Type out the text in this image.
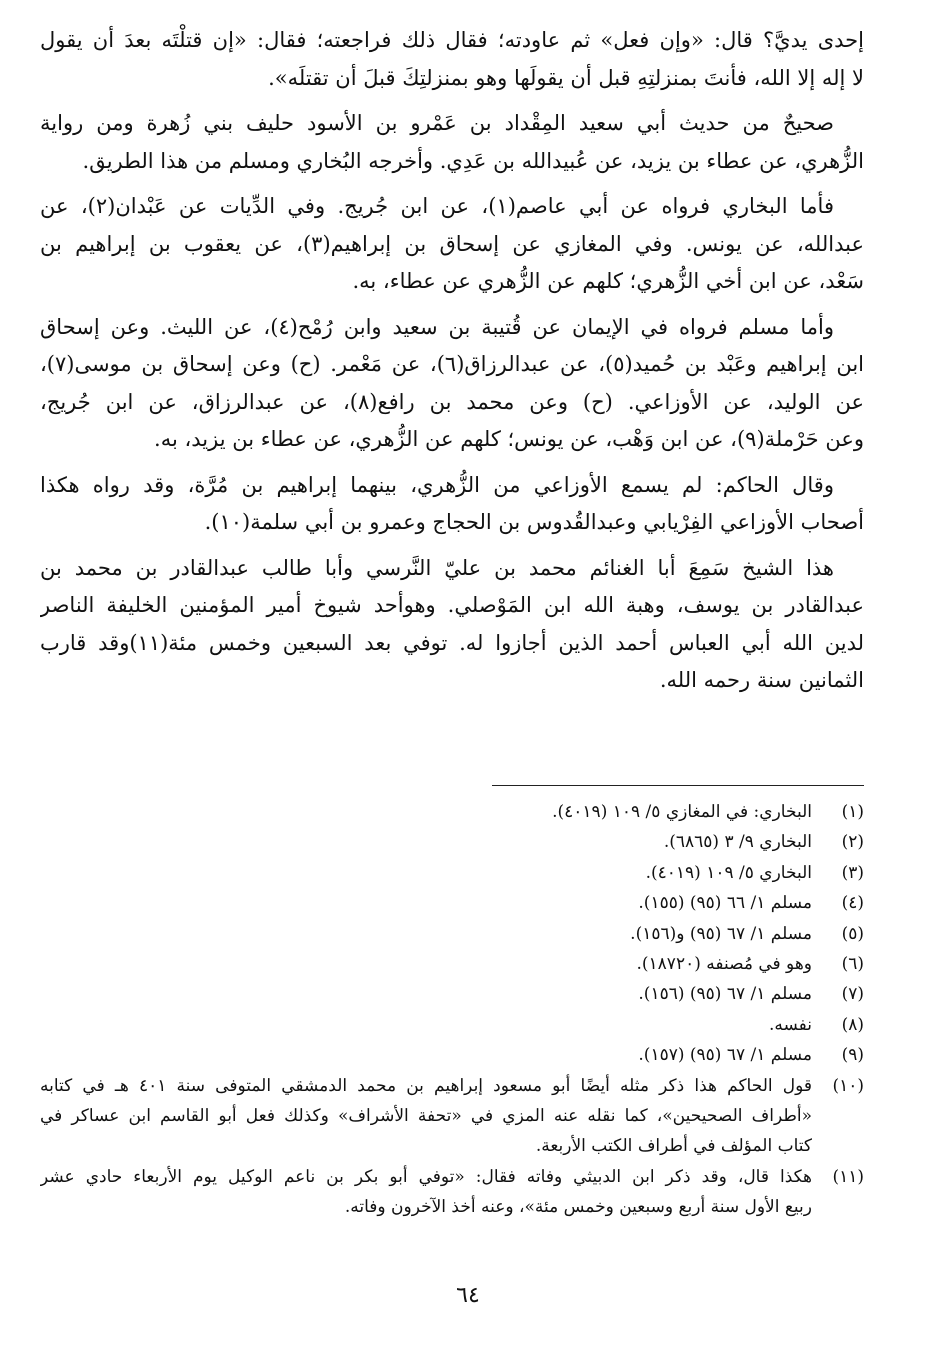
إحدى يديَّ؟ قال: «وإن فعل» ثم عاودته؛ فقال ذلك فراجعته؛ فقال: «إن قتلْتَه بعدَ أن يقول
لا إله إلا الله، فأنتَ بمنزلتِهِ قبل أن يقولَها وهو بمنزلتِكَ قبلَ أن تقتلَه».
صحيحٌ من حديث أبي سعيد المِقْداد بن عَمْرو بن الأسود حليف بني زُهرة ومن رواية
الزُّهري، عن عطاء بن يزيد، عن عُبيدالله بن عَدِي. وأخرجه البُخاري ومسلم من هذا الطريق.
فأما البخاري فرواه عن أبي عاصم(١)، عن ابن جُريج. وفي الدِّيات عن عَبْدان(٢)، عن
عبدالله، عن يونس. وفي المغازي عن إسحاق بن إبراهيم(٣)، عن يعقوب بن إبراهيم بن
سَعْد، عن ابن أخي الزُّهري؛ كلهم عن الزُّهري عن عطاء، به.
وأما مسلم فرواه في الإيمان عن قُتيبة بن سعيد وابن رُمْح(٤)، عن الليث. وعن إسحاق
ابن إبراهيم وعَبْد بن حُميد(٥)، عن عبدالرزاق(٦)، عن مَعْمر. (ح) وعن إسحاق بن موسى(٧)،
عن الوليد، عن الأوزاعي. (ح) وعن محمد بن رافع(٨)، عن عبدالرزاق، عن ابن جُريج،
وعن حَرْملة(٩)، عن ابن وَهْب، عن يونس؛ كلهم عن الزُّهري، عن عطاء بن يزيد، به.
وقال الحاكم: لم يسمع الأوزاعي من الزُّهري، بينهما إبراهيم بن مُرَّة، وقد رواه هكذا
أصحاب الأوزاعي الفِرْيابي وعبدالقُدوس بن الحجاج وعمرو بن أبي سلمة(١٠).
هذا الشيخ سَمِعَ أبا الغنائم محمد بن عليّ النَّرسي وأبا طالب عبدالقادر بن محمد بن
عبدالقادر بن يوسف، وهبة الله ابن المَوْصلي. وهوأحد شيوخ أمير المؤمنين الخليفة الناصر
لدين الله أبي العباس أحمد الذين أجازوا له. توفي بعد السبعين وخمس مئة(١١)وقد قارب
الثمانين سنة رحمه الله.
(١)
البخاري: في المغازي ٥/ ١٠٩ (٤٠١٩).
(٢)
البخاري ٩/ ٣ (٦٨٦٥).
(٣)
البخاري ٥/ ١٠٩ (٤٠١٩).
(٤)
مسلم ١/ ٦٦ (٩٥) (١٥٥).
(٥)
مسلم ١/ ٦٧ (٩٥) و(١٥٦).
(٦)
وهو في مُصنفه (١٨٧٢٠).
(٧)
مسلم ١/ ٦٧ (٩٥) (١٥٦).
(٨)
نفسه.
(٩)
مسلم ١/ ٦٧ (٩٥) (١٥٧).
(١٠)
قول الحاكم هذا ذكر مثله أيضًا أبو مسعود إبراهيم بن محمد الدمشقي المتوفى سنة ٤٠١ هـ في كتابه
«أطراف الصحيحين»، كما نقله عنه المزي في «تحفة الأشراف» وكذلك فعل أبو القاسم ابن عساكر في
كتاب المؤلف في أطراف الكتب الأربعة.
(١١)
هكذا قال، وقد ذكر ابن الدبيثي وفاته فقال: «توفي أبو بكر بن ناعم الوكيل يوم الأربعاء حادي عشر
ربيع الأول سنة أربع وسبعين وخمس مئة»، وعنه أخذ الآخرون وفاته.
٦٤
